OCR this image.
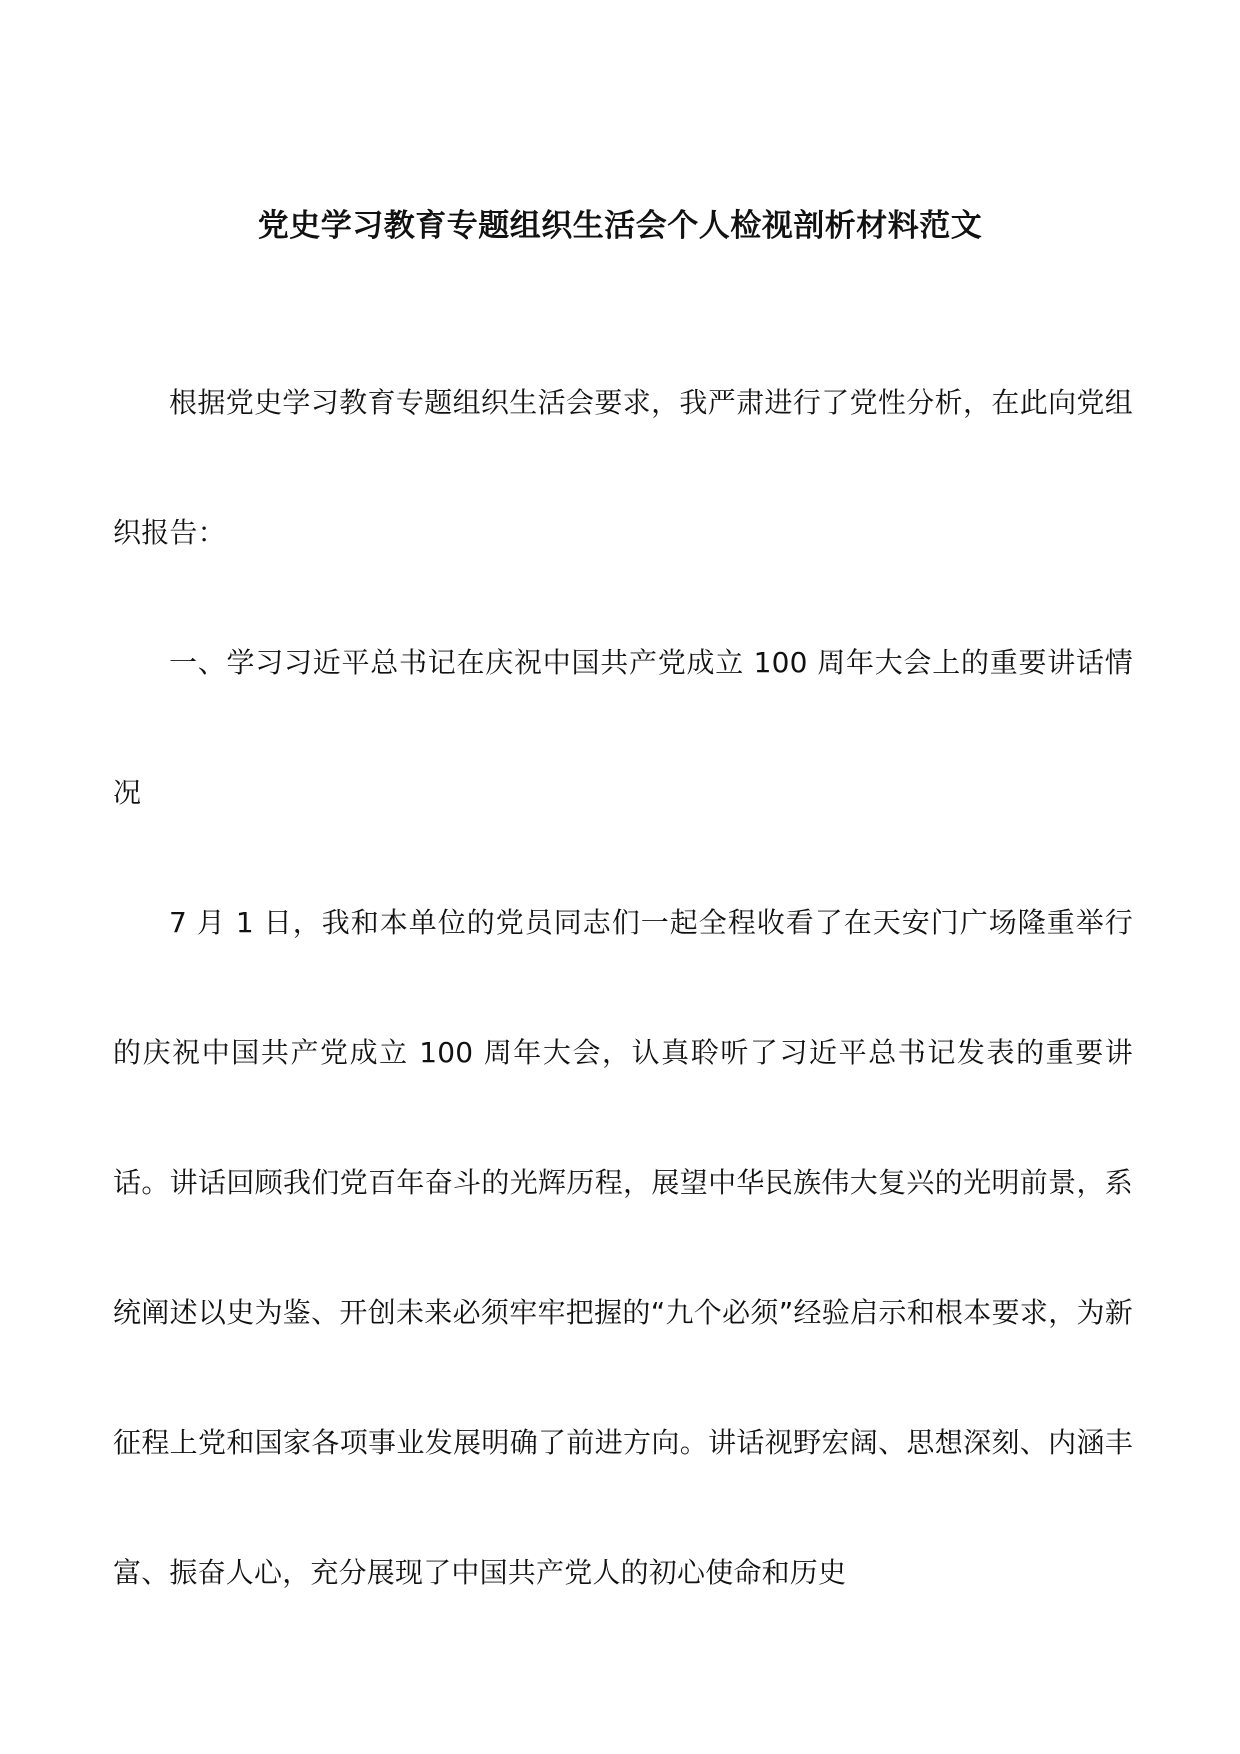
党史学习教育专题组织生活会个人检视剖析材料范文

根据党史学习教育专题组织生活会要求，我严肃进行了党性分析，在此向党组织报告：

一、学习习近平总书记在庆祝中国共产党成立 100 周年大会上的重要讲话情况

7 月 1 日，我和本单位的党员同志们一起全程收看了在天安门广场隆重举行的庆祝中国共产党成立 100 周年大会，认真聆听了习近平总书记发表的重要讲话。讲话回顾我们党百年奋斗的光辉历程，展望中华民族伟大复兴的光明前景，系统阐述以史为鉴、开创未来必须牢牢把握的“九个必须”经验启示和根本要求，为新征程上党和国家各项事业发展明确了前进方向。讲话视野宏阔、思想深刻、内涵丰富、振奋人心，充分展现了中国共产党人的初心使命和历史
